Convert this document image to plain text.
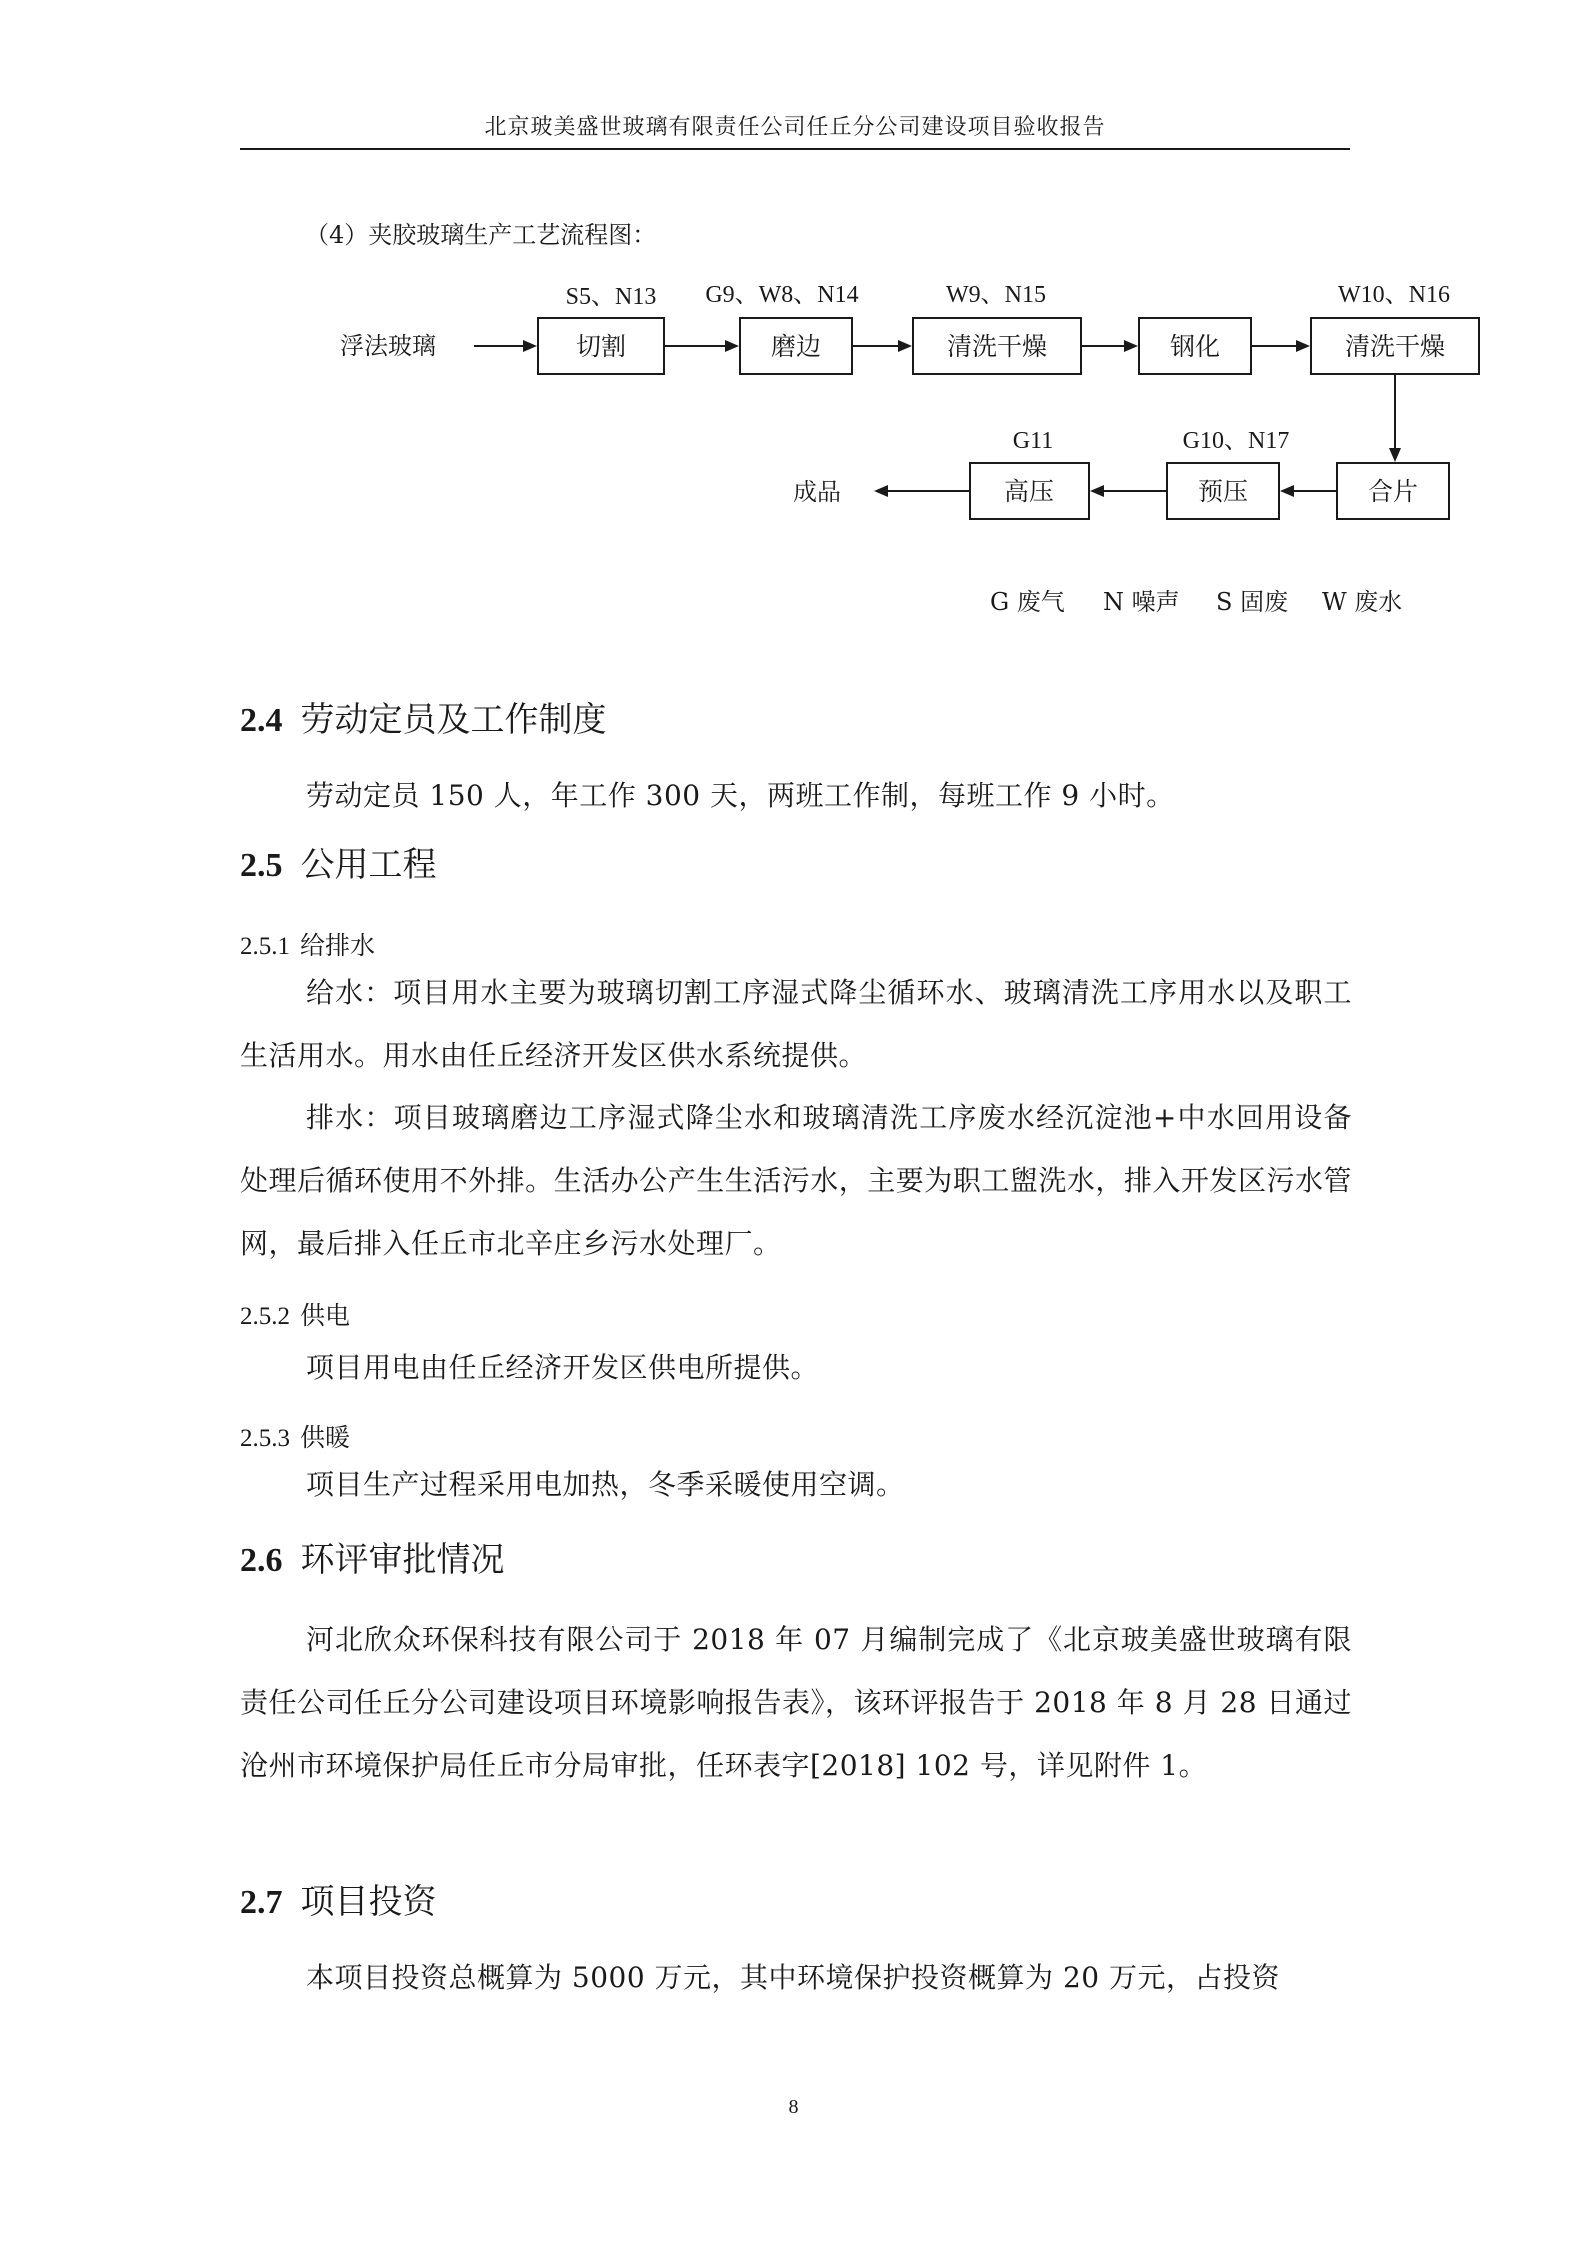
北京玻美盛世玻璃有限责任公司任丘分公司建设项目验收报告
（4）夹胶玻璃生产工艺流程图：
浮法玻璃
S5、N13
切割
G9、W8、N14
磨边
W9、N15
清洗干燥	钢化
W10、N16
清洗干燥
合片
G10、N17
预压
G11
高压
成品
G 废气 N 噪声 S 固废 W 废水
2.4 劳动定员及工作制度
劳动定员 150 人，年工作 300 天，两班工作制，每班工作 9 小时。
2.5 公用工程
2.5.1 给排水
给水：项目用水主要为玻璃切割工序湿式降尘循环水、玻璃清洗工序用水以及职工生活用水。用水由任丘经济开发区供水系统提供。
排水：项目玻璃磨边工序湿式降尘水和玻璃清洗工序废水经沉淀池+中水回用设备处理后循环使用不外排。生活办公产生生活污水，主要为职工盥洗水，排入开发区污水管网，最后排入任丘市北辛庄乡污水处理厂。
2.5.2 供电
项目用电由任丘经济开发区供电所提供。
2.5.3 供暖
项目生产过程采用电加热，冬季采暖使用空调。
2.6 环评审批情况
河北欣众环保科技有限公司于 2018 年 07 月编制完成了《北京玻美盛世玻璃有限责任公司任丘分公司建设项目环境影响报告表》，该环评报告于 2018 年 8 月 28 日通过沧州市环境保护局任丘市分局审批，任环表字[2018] 102 号，详见附件 1。
2.7 项目投资
本项目投资总概算为 5000 万元，其中环境保护投资概算为 20 万元，占投资
8
